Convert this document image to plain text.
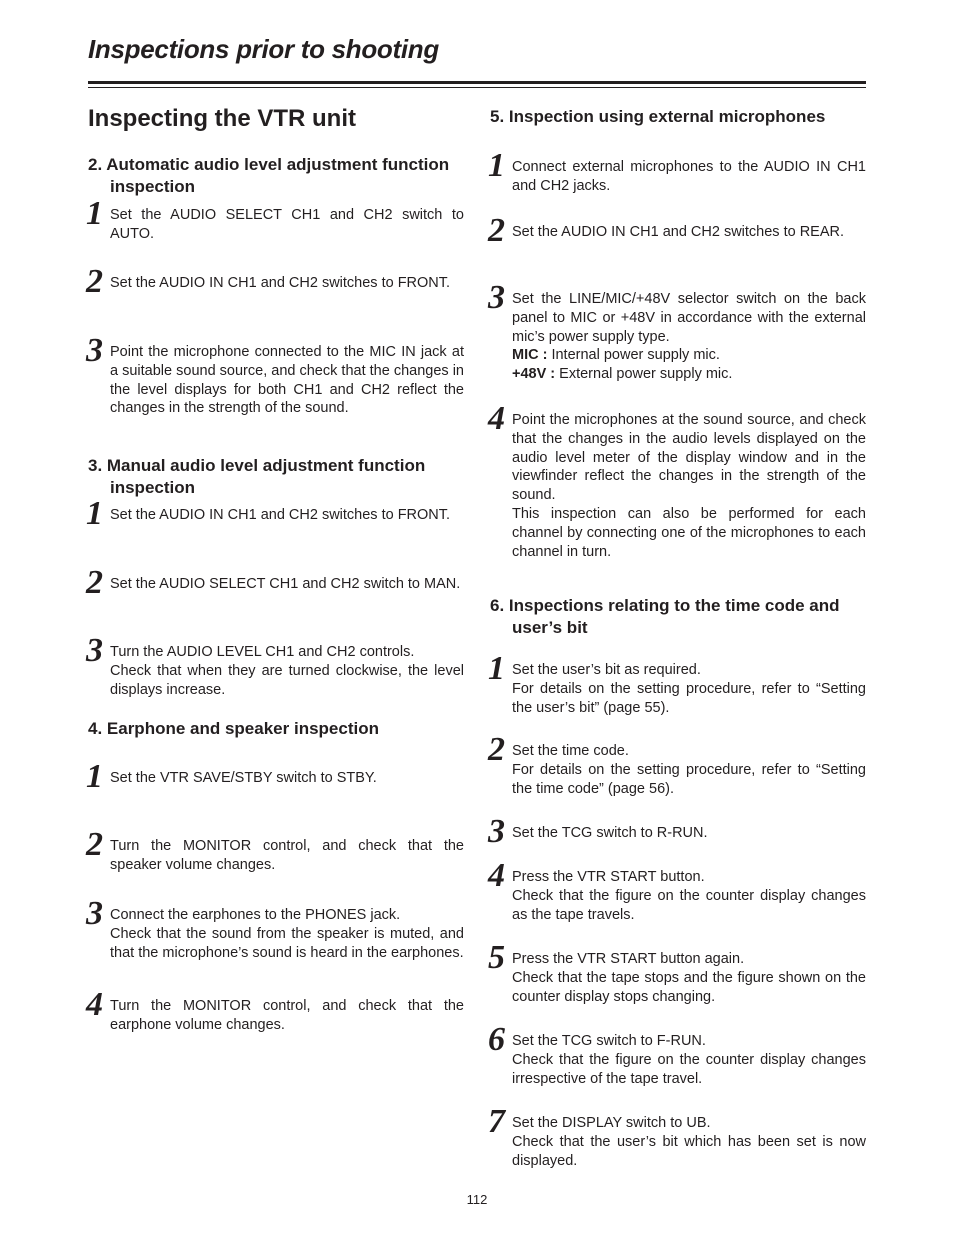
Inspections prior to shooting
Inspecting the VTR unit
2. Automatic audio level adjustment function inspection
1 Set the AUDIO SELECT CH1 and CH2 switch to AUTO.

2 Set the AUDIO IN CH1 and CH2 switches to FRONT.

3 Point the microphone connected to the MIC IN jack at a suitable sound source, and check that the changes in the level displays for both CH1 and CH2 reflect the changes in the strength of the sound.

3. Manual audio level adjustment function inspection
1 Set the AUDIO IN CH1 and CH2 switches to FRONT.

2 Set the AUDIO SELECT CH1 and CH2 switch to MAN.

3 Turn the AUDIO LEVEL CH1 and CH2 controls.

Check that when they are turned clockwise, the level displays increase.

4. Earphone and speaker inspection
1 Set the VTR SAVE/STBY switch to STBY.

2 Turn the MONITOR control, and check that the speaker volume changes.

3 Connect the earphones to the PHONES jack.

Check that the sound from the speaker is muted, and that the microphone’s sound is heard in the earphones.

4 Turn the MONITOR control, and check that the earphone volume changes.

5. Inspection using external microphones
1 Connect external microphones to the AUDIO IN CH1 and CH2 jacks.

2 Set the AUDIO IN CH1 and CH2 switches to REAR.

3 Set the LINE/MIC/+48V selector switch on the back panel to MIC or +48V in accordance with the external mic’s power supply type.

MIC : Internal power supply mic.

+48V : External power supply mic.

4 Point the microphones at the sound source, and check that the changes in the audio levels displayed on the audio level meter of the display window and in the viewfinder reflect the changes in the strength of the sound.

This inspection can also be performed for each channel by connecting one of the microphones to each channel in turn.

6. Inspections relating to the time code and user’s bit
1 Set the user’s bit as required.

For details on the setting procedure, refer to “Setting the user’s bit” (page 55).

2 Set the time code.

For details on the setting procedure, refer to “Setting the time code” (page 56).

3 Set the TCG switch to R-RUN.

4 Press the VTR START button.

Check that the figure on the counter display changes as the tape travels.

5 Press the VTR START button again.

Check that the tape stops and the figure shown on the counter display stops changing.

6 Set the TCG switch to F-RUN.

Check that the figure on the counter display changes irrespective of the tape travel.

7 Set the DISPLAY switch to UB.

Check that the user’s bit which has been set is now displayed.

112
